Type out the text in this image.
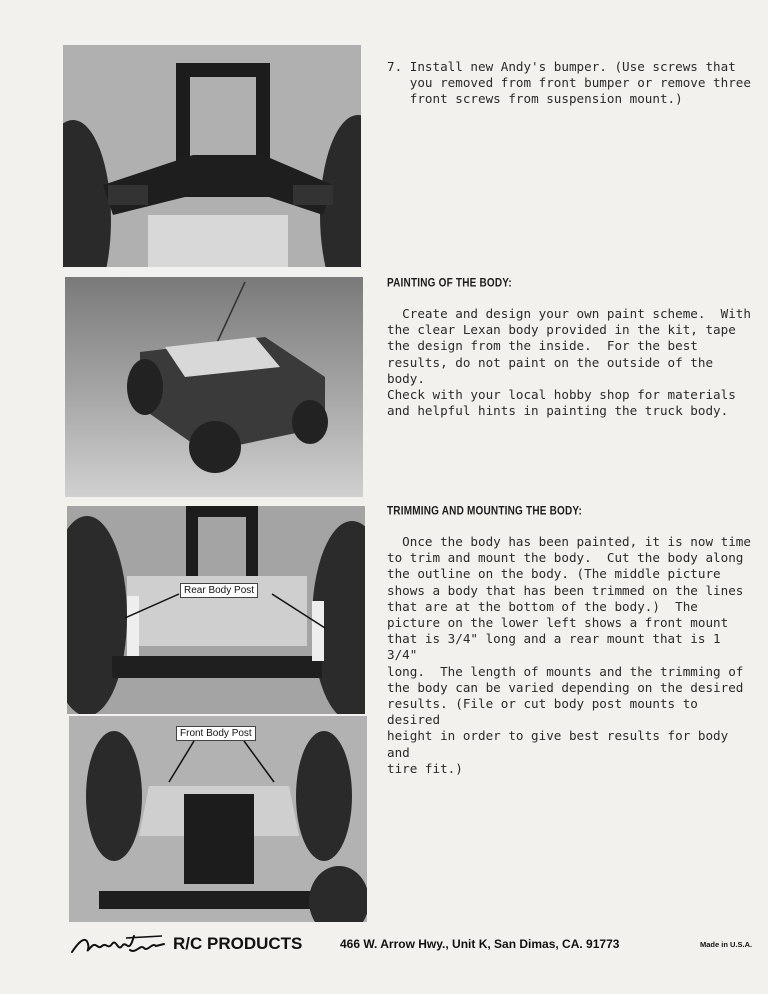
Rear Body Post
Front Body Post
7. Install new Andy's bumper. (Use screws that
you removed from front bumper or remove three
front screws from suspension mount.)
PAINTING OF THE BODY:
Create and design your own paint scheme.  With
the clear Lexan body provided in the kit, tape
the design from the inside.  For the best
results, do not paint on the outside of the body.
Check with your local hobby shop for materials
and helpful hints in painting the truck body.
TRIMMING AND MOUNTING THE BODY:
Once the body has been painted, it is now time
to trim and mount the body.  Cut the body along
the outline on the body. (The middle picture
shows a body that has been trimmed on the lines
that are at the bottom of the body.)  The
picture on the lower left shows a front mount
that is 3/4" long and a rear mount that is 1 3/4"
long.  The length of mounts and the trimming of
the body can be varied depending on the desired
results. (File or cut body post mounts to desired
height in order to give best results for body and
tire fit.)
R/C PRODUCTS	466 W. Arrow Hwy., Unit K, San Dimas, CA. 91773	Made in U.S.A.
